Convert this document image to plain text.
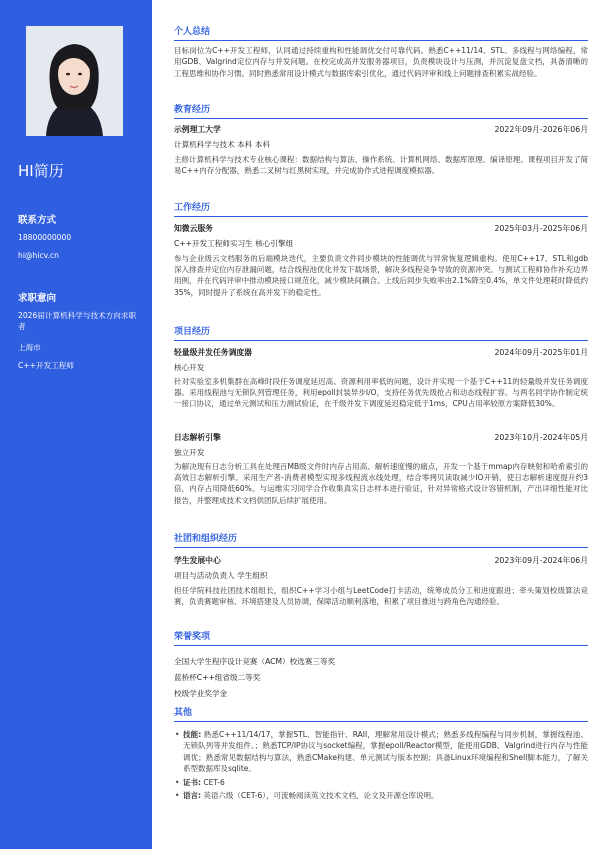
HI简历
联系方式
18800000000
hi@hicv.cn
求职意向
2026届计算机科学与技术方向求职者
上海市
C++开发工程师
个人总结
目标岗位为C++开发工程师，认同通过持续重构和性能调优交付可靠代码。熟悉C++11/14、STL、多线程与网络编程，常用GDB、Valgrind定位内存与并发问题。在校完成高并发服务器项目，负责模块设计与压测，并沉淀复盘文档，具备清晰的工程思维和协作习惯。同时熟悉常用设计模式与数据库索引优化，通过代码评审和线上问题排查积累实战经验。
教育经历
示例理工大学	2022年09月-2026年06月
计算机科学与技术 本科 本科
主修计算机科学与技术专业核心课程：数据结构与算法、操作系统、计算机网络、数据库原理、编译原理。课程项目开发了简易C++内存分配器，熟悉二叉树与红黑树实现，并完成协作式进程调度模拟器。
工作经历
知微云服务	2025年03月-2025年06月
C++开发工程师实习生 核心引擎组
参与企业级云文档服务的后端模块迭代，主要负责文件同步模块的性能调优与异常恢复逻辑重构。使用C++17、STL和gdb深入排查并定位内存泄漏问题，结合线程池优化并发下载场景，解决多线程竞争导致的资源冲突。与测试工程师协作补充边界用例，并在代码评审中推动模块接口规范化，减少模块间耦合。上线后同步失败率由2.1%降至0.4%，单文件处理耗时降低约35%，同时提升了系统在高并发下的稳定性。
项目经历
轻量级并发任务调度器	2024年09月-2025年01月
核心开发
针对实验室多机集群在高峰时段任务调度延迟高、资源利用率低的问题，设计并实现一个基于C++11的轻量级并发任务调度器。采用线程池与无锁队列管理任务，利用epoll封装异步I/O，支持任务优先级抢占和动态线程扩容。与两名同学协作制定统一接口协议，通过单元测试和压力测试验证，在千级并发下调度延迟稳定低于1ms，CPU占用率较原方案降低30%。
日志解析引擎	2023年10月-2024年05月
独立开发
为解决现有日志分析工具在处理百MB级文件时内存占用高、解析速度慢的痛点，开发一个基于mmap内存映射和哈希索引的高效日志解析引擎。采用生产者-消费者模型实现多线程流水线处理，结合零拷贝读取减少IO开销，使日志解析速度提升约3倍，内存占用降低60%。与运维实习同学合作收集真实日志样本进行验证，针对异常格式设计容错机制，产出详细性能对比报告，并整理成技术文档供团队后续扩展使用。
社团和组织经历
学生发展中心	2023年09月-2024年06月
项目与活动负责人 学生组织
担任学院科技社团技术组组长，组织C++学习小组与LeetCode打卡活动，统筹成员分工和进度跟进；牵头策划校级算法竞赛，负责赛题审核、环境搭建及人员协调，保障活动顺利落地，积累了项目推进与跨角色沟通经验。
荣誉奖项
全国大学生程序设计竞赛（ACM）校选赛三等奖
蓝桥杯C++组省级二等奖
校级学业奖学金
其他
• 技能: 熟悉C++11/14/17，掌握STL、智能指针、RAII，理解常用设计模式；熟悉多线程编程与同步机制，掌握线程池、无锁队列等并发组件。；熟悉TCP/IP协议与socket编程，掌握epoll/Reactor模型，能使用GDB、Valgrind进行内存与性能调优；熟悉常见数据结构与算法，熟悉CMake构建、单元测试与版本控制；具备Linux环境编程和Shell脚本能力，了解关系型数据库及sqlite。
• 证书: CET-6
• 语言: 英语六级（CET-6），可流畅阅读英文技术文档、论文及开源仓库说明。
